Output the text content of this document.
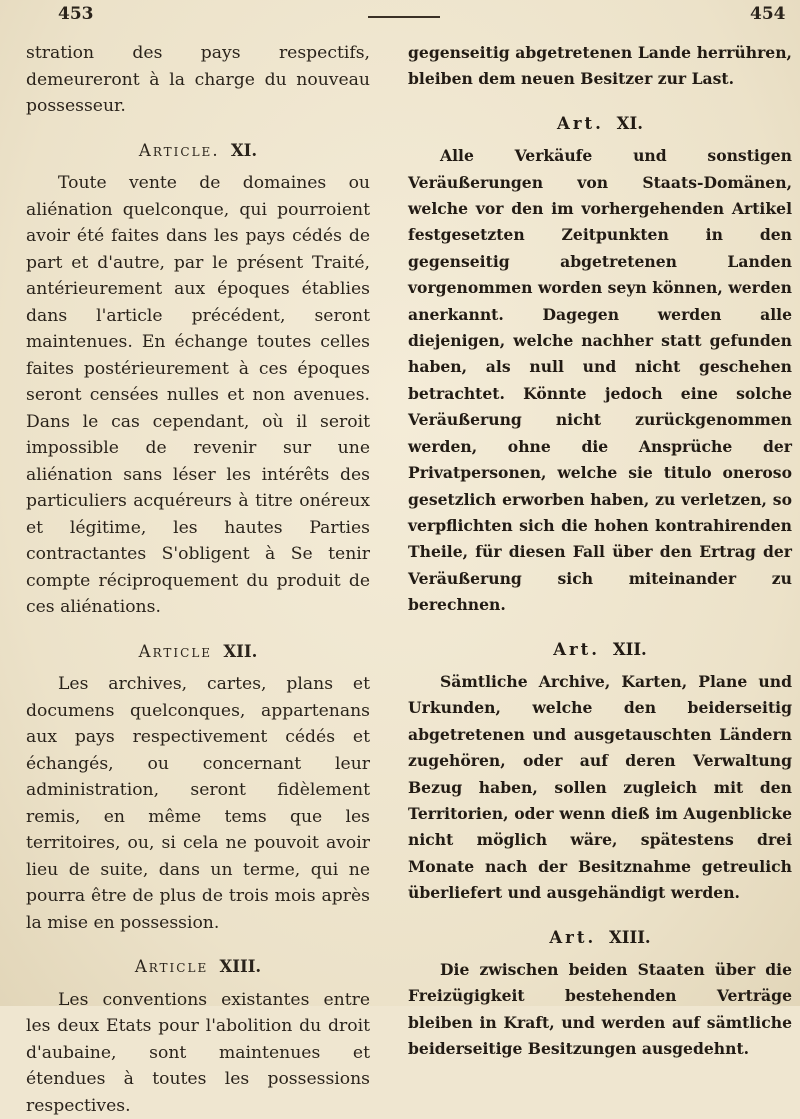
453	454

stration des pays respectifs, demeureront à la charge du nouveau possesseur.

Article. XI.

Toute vente de domaines ou aliénation quelconque, qui pourroient avoir été faites dans les pays cédés de part et d'autre, par le présent Traité, antérieurement aux époques établies dans l'article précédent, seront maintenues. En échange toutes celles faites postérieurement à ces époques seront censées nulles et non avenues. Dans le cas cependant, où il seroit impossible de revenir sur une aliénation sans léser les intérêts des particuliers acquéreurs à titre onéreux et légitime, les hautes Parties contractantes S'obligent à Se tenir compte réciproquement du produit de ces aliénations.

Article XII.

Les archives, cartes, plans et documens quelconques, appartenans aux pays respectivement cédés et échangés, ou concernant leur administration, seront fidèlement remis, en même tems que les territoires, ou, si cela ne pouvoit avoir lieu de suite, dans un terme, qui ne pourra être de plus de trois mois après la mise en possession.

Article XIII.

Les conventions existantes entre les deux Etats pour l'abolition du droit d'aubaine, sont maintenues et étendues à toutes les possessions respectives.

gegenseitig abgetretenen Lande herrühren, bleiben dem neuen Besitzer zur Last.

Art. XI.

Alle Verkäufe und sonstigen Veräußerungen von Staats-Domänen, welche vor den im vorhergehenden Artikel festgesetzten Zeitpunkten in den gegenseitig abgetretenen Landen vorgenommen worden seyn können, werden anerkannt. Dagegen werden alle diejenigen, welche nachher statt gefunden haben, als null und nicht geschehen betrachtet. Könnte jedoch eine solche Veräußerung nicht zurückgenommen werden, ohne die Ansprüche der Privatpersonen, welche sie titulo oneroso gesetzlich erworben haben, zu verletzen, so verpflichten sich die hohen kontrahirenden Theile, für diesen Fall über den Ertrag der Veräußerung sich miteinander zu berechnen.

Art. XII.

Sämtliche Archive, Karten, Plane und Urkunden, welche den beiderseitig abgetretenen und ausgetauschten Ländern zugehören, oder auf deren Verwaltung Bezug haben, sollen zugleich mit den Territorien, oder wenn dieß im Augenblicke nicht möglich wäre, spätestens drei Monate nach der Besitznahme getreulich überliefert und ausgehändigt werden.

Art. XIII.

Die zwischen beiden Staaten über die Freizügigkeit bestehenden Verträge bleiben in Kraft, und werden auf sämtliche beiderseitige Besitzungen ausgedehnt.
